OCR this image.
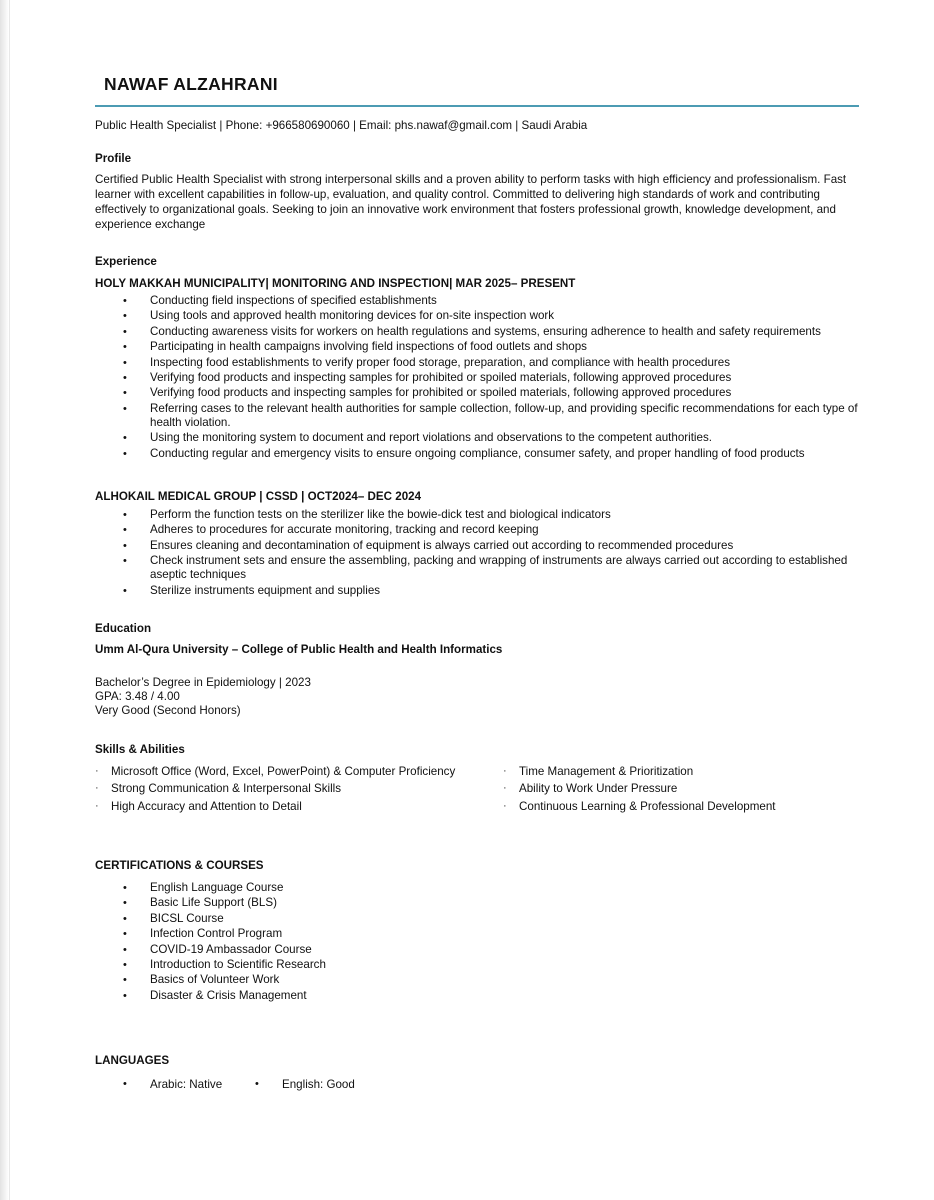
NAWAF ALZAHRANI
Public Health Specialist | Phone: +966580690060 | Email: phs.nawaf@gmail.com | Saudi Arabia
Profile
Certified Public Health Specialist with strong interpersonal skills and a proven ability to perform tasks with high efficiency and professionalism. Fast learner with excellent capabilities in follow-up, evaluation, and quality control. Committed to delivering high standards of work and contributing effectively to organizational goals. Seeking to join an innovative work environment that fosters professional growth, knowledge development, and experience exchange
Experience
HOLY MAKKAH MUNICIPALITY| MONITORING AND INSPECTION| MAR 2025– PRESENT
• Conducting field inspections of specified establishments
• Using tools and approved health monitoring devices for on-site inspection work
• Conducting awareness visits for workers on health regulations and systems, ensuring adherence to health and safety requirements
• Participating in health campaigns involving field inspections of food outlets and shops
• Inspecting food establishments to verify proper food storage, preparation, and compliance with health procedures
• Verifying food products and inspecting samples for prohibited or spoiled materials, following approved procedures
• Verifying food products and inspecting samples for prohibited or spoiled materials, following approved procedures
• Referring cases to the relevant health authorities for sample collection, follow-up, and providing specific recommendations for each type of health violation.
• Using the monitoring system to document and report violations and observations to the competent authorities.
• Conducting regular and emergency visits to ensure ongoing compliance, consumer safety, and proper handling of food products
ALHOKAIL MEDICAL GROUP | CSSD | OCT2024– DEC 2024
• Perform the function tests on the sterilizer like the bowie-dick test and biological indicators
• Adheres to procedures for accurate monitoring, tracking and record keeping
• Ensures cleaning and decontamination of equipment is always carried out according to recommended procedures
• Check instrument sets and ensure the assembling, packing and wrapping of instruments are always carried out according to established aseptic techniques
• Sterilize instruments equipment and supplies
Education
Umm Al-Qura University – College of Public Health and Health Informatics
Bachelor’s Degree in Epidemiology | 2023
GPA: 3.48 / 4.00
Very Good (Second Honors)
Skills & Abilities
· Microsoft Office (Word, Excel, PowerPoint) & Computer Proficiency
· Strong Communication & Interpersonal Skills
· High Accuracy and Attention to Detail
· Time Management & Prioritization
· Ability to Work Under Pressure
· Continuous Learning & Professional Development
CERTIFICATIONS & COURSES
• English Language Course
• Basic Life Support (BLS)
• BICSL Course
• Infection Control Program
• COVID-19 Ambassador Course
• Introduction to Scientific Research
• Basics of Volunteer Work
• Disaster & Crisis Management
LANGUAGES
• Arabic: Native
•	English: Good
